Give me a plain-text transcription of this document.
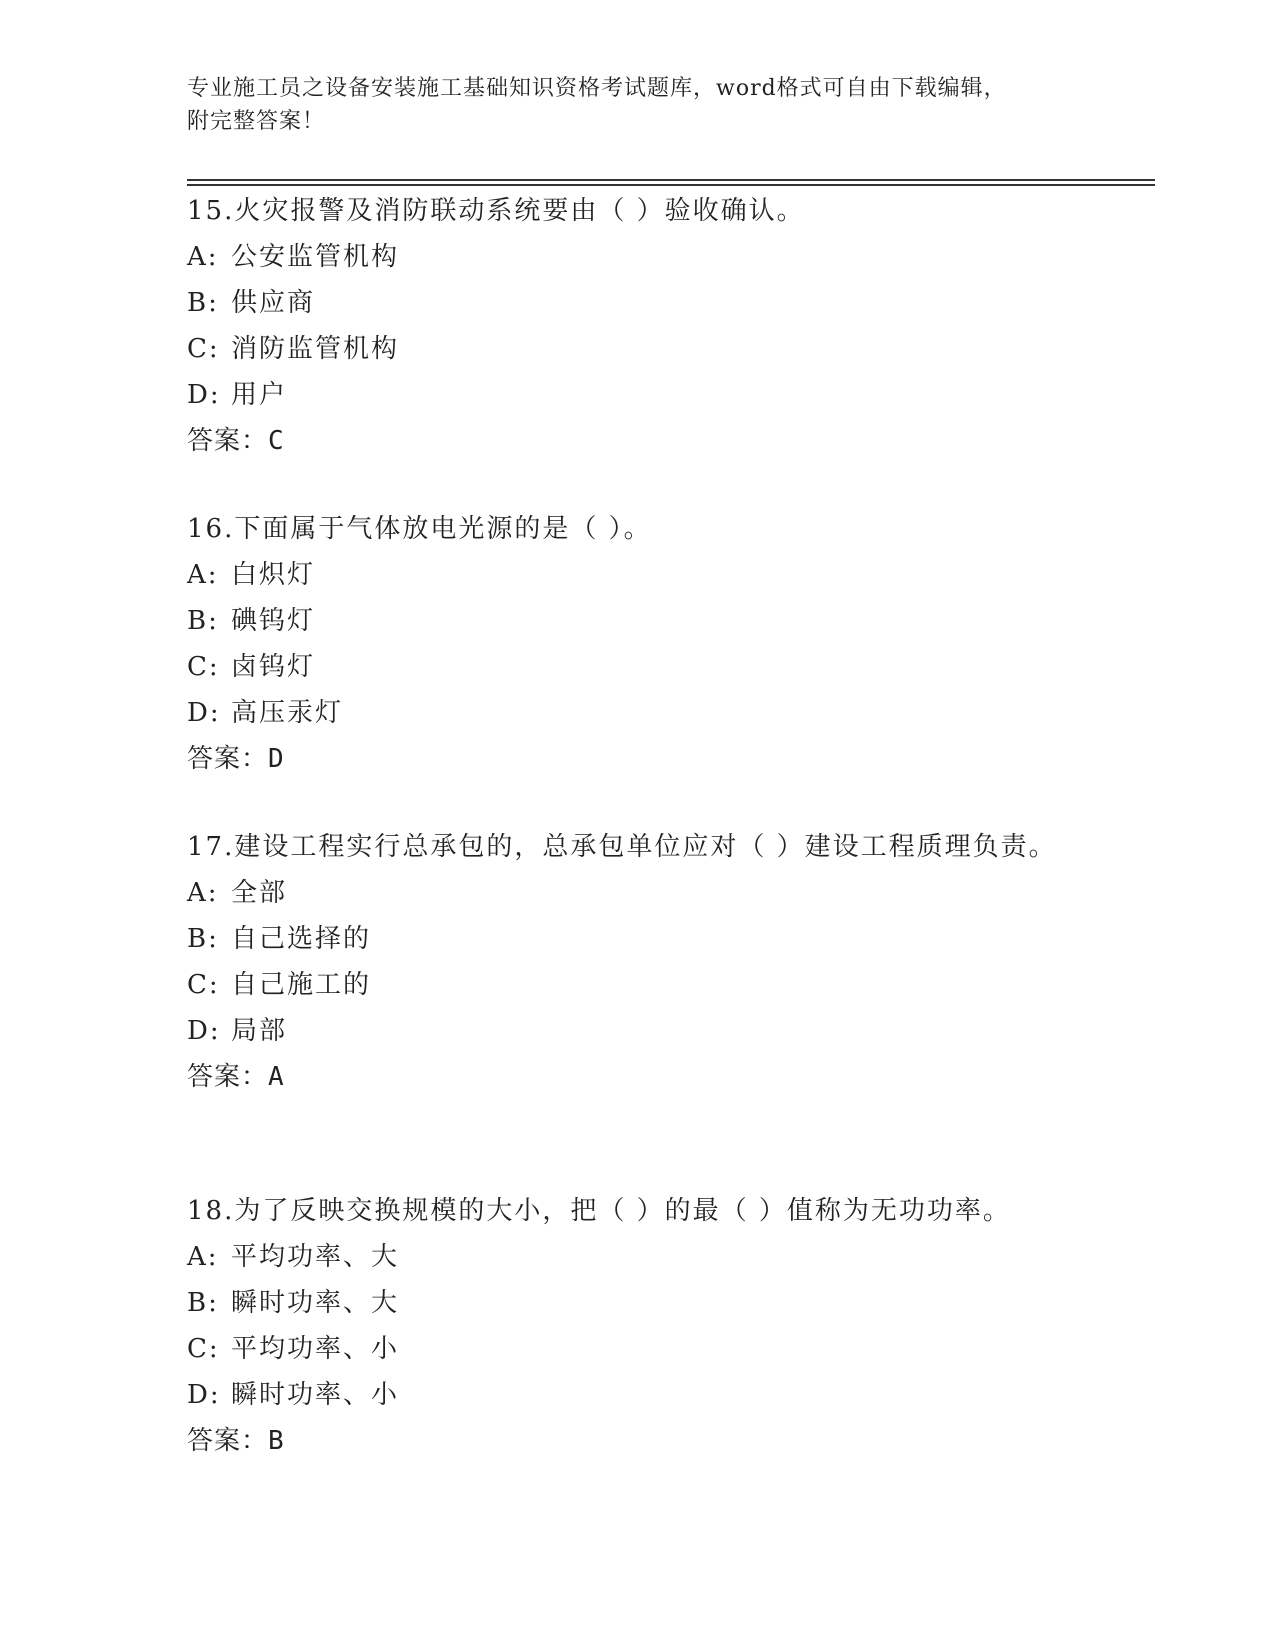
专业施工员之设备安装施工基础知识资格考试题库，word格式可自由下载编辑，
附完整答案！

15.火灾报警及消防联动系统要由（ ）验收确认。

A: 公安监管机构
B: 供应商
C: 消防监管机构
D: 用户

答案：C

16.下面属于气体放电光源的是（ ）。

A: 白炽灯
B: 碘钨灯
C: 卤钨灯
D: 高压汞灯

答案：D

17.建设工程实行总承包的，总承包单位应对（ ）建设工程质理负责。

A: 全部
B: 自己选择的
C: 自己施工的
D: 局部

答案：A

18.为了反映交换规模的大小，把（ ）的最（ ）值称为无功功率。

A: 平均功率、大
B: 瞬时功率、大
C: 平均功率、小
D: 瞬时功率、小

答案：B
